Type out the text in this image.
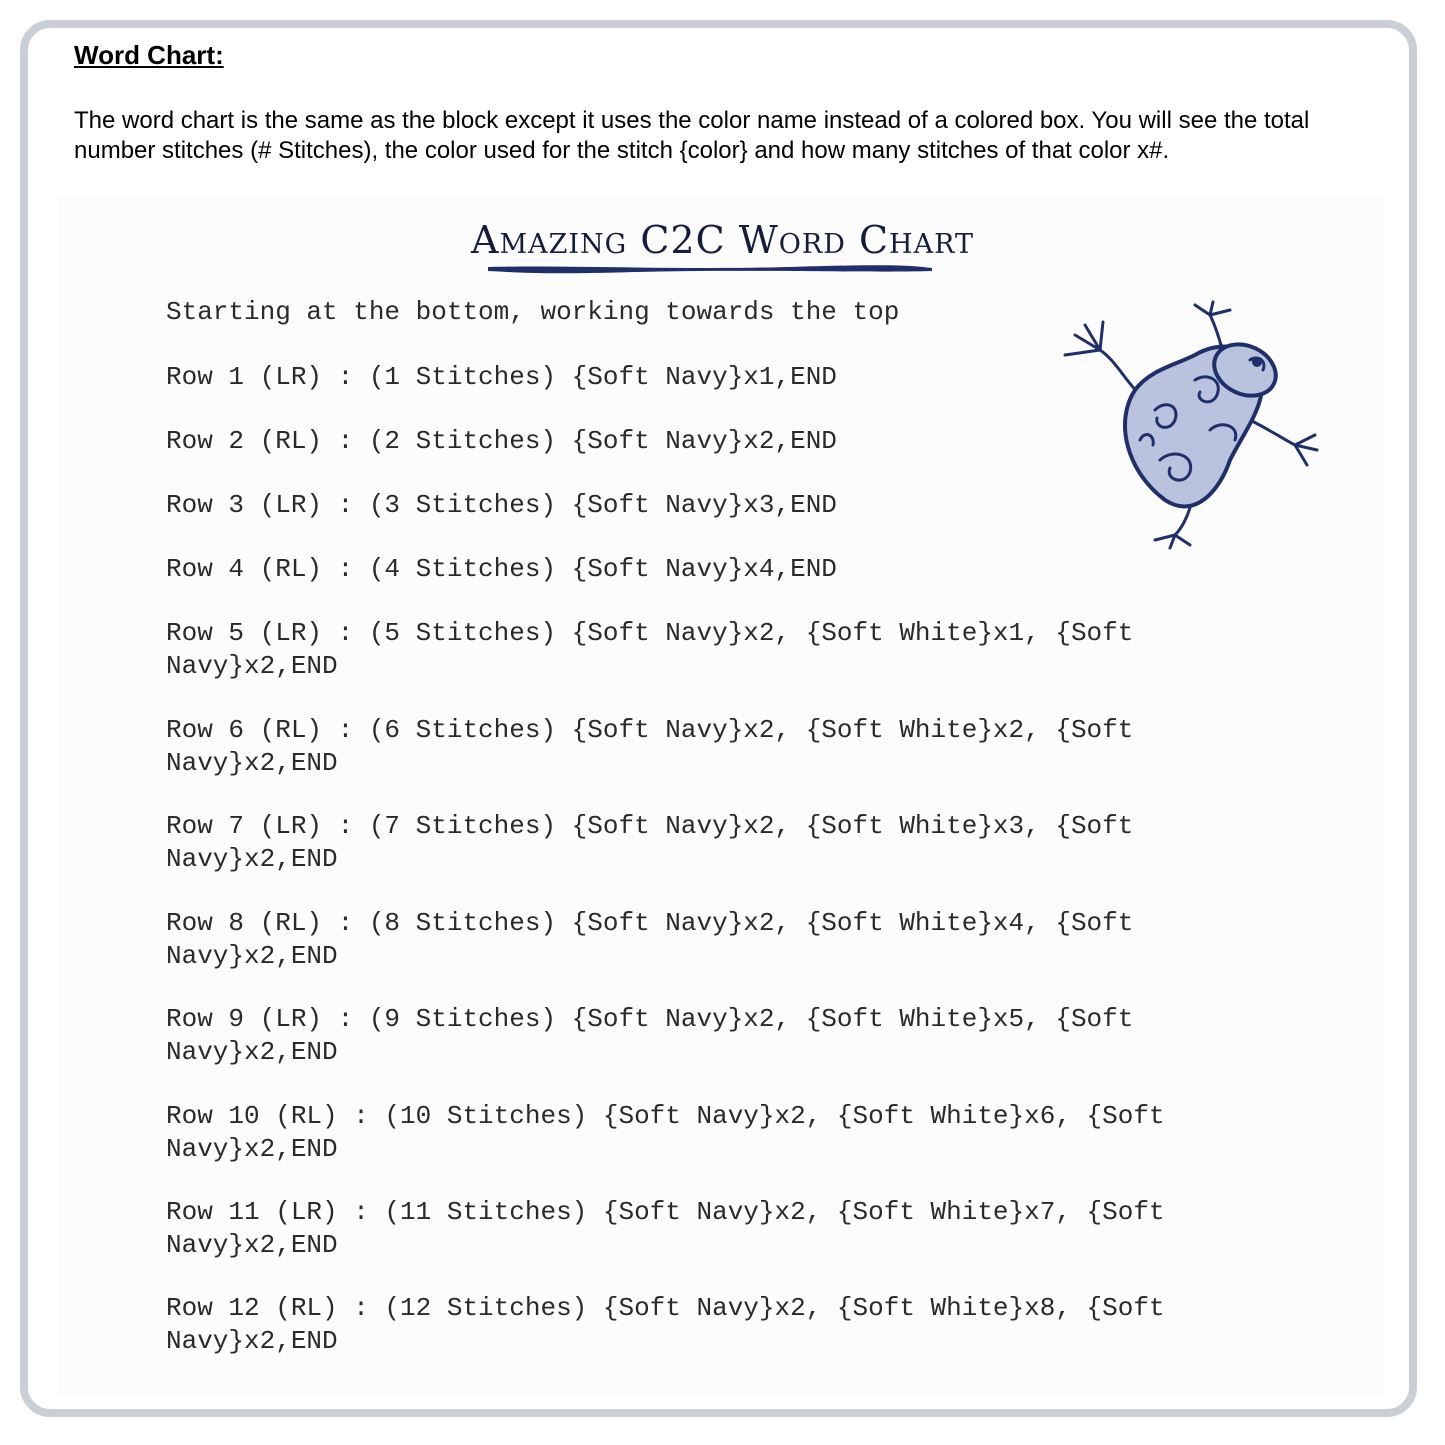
Word Chart:

The word chart is the same as the block except it uses the color name instead of a colored box. You will see the total number stitches (# Stitches), the color used for the stitch {color} and how many stitches of that color x#.

Amazing C2C Word Chart

Starting at the bottom, working towards the top

Row 1 (LR) : (1 Stitches) {Soft Navy}x1,END

Row 2 (RL) : (2 Stitches) {Soft Navy}x2,END

Row 3 (LR) : (3 Stitches) {Soft Navy}x3,END

Row 4 (RL) : (4 Stitches) {Soft Navy}x4,END

Row 5 (LR) : (5 Stitches) {Soft Navy}x2, {Soft White}x1, {Soft
Navy}x2,END

Row 6 (RL) : (6 Stitches) {Soft Navy}x2, {Soft White}x2, {Soft
Navy}x2,END

Row 7 (LR) : (7 Stitches) {Soft Navy}x2, {Soft White}x3, {Soft
Navy}x2,END

Row 8 (RL) : (8 Stitches) {Soft Navy}x2, {Soft White}x4, {Soft
Navy}x2,END

Row 9 (LR) : (9 Stitches) {Soft Navy}x2, {Soft White}x5, {Soft
Navy}x2,END

Row 10 (RL) : (10 Stitches) {Soft Navy}x2, {Soft White}x6, {Soft
Navy}x2,END

Row 11 (LR) : (11 Stitches) {Soft Navy}x2, {Soft White}x7, {Soft
Navy}x2,END

Row 12 (RL) : (12 Stitches) {Soft Navy}x2, {Soft White}x8, {Soft
Navy}x2,END
